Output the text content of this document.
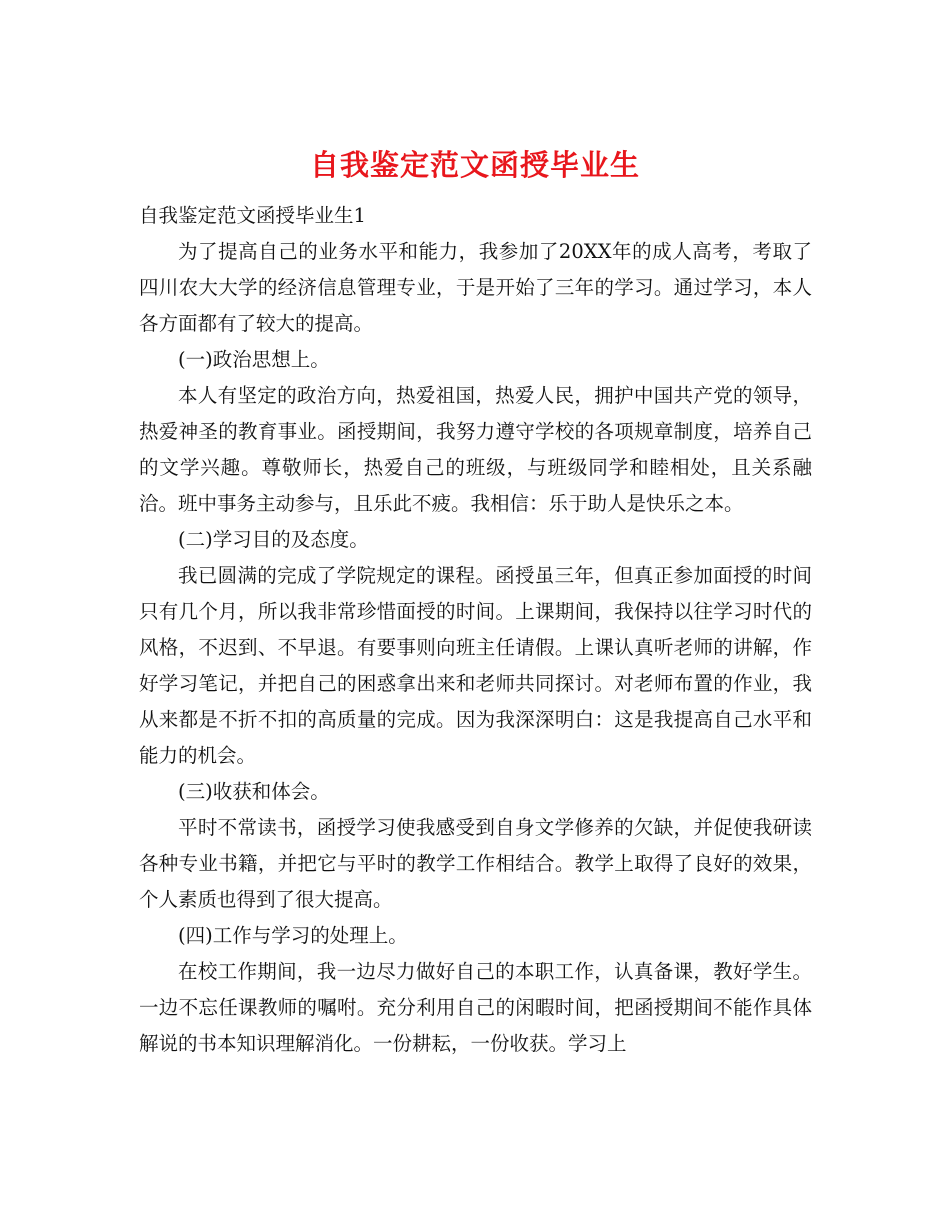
自我鉴定范文函授毕业生

自我鉴定范文函授毕业生1

为了提高自己的业务水平和能力，我参加了20XX年的成人高考，考取了四川农大大学的经济信息管理专业，于是开始了三年的学习。通过学习，本人各方面都有了较大的提高。

(一)政治思想上。

本人有坚定的政治方向，热爱祖国，热爱人民，拥护中国共产党的领导，热爱神圣的教育事业。函授期间，我努力遵守学校的各项规章制度，培养自己的文学兴趣。尊敬师长，热爱自己的班级，与班级同学和睦相处，且关系融洽。班中事务主动参与，且乐此不疲。我相信：乐于助人是快乐之本。

(二)学习目的及态度。

我已圆满的完成了学院规定的课程。函授虽三年，但真正参加面授的时间只有几个月，所以我非常珍惜面授的时间。上课期间，我保持以往学习时代的风格，不迟到、不早退。有要事则向班主任请假。上课认真听老师的讲解，作好学习笔记，并把自己的困惑拿出来和老师共同探讨。对老师布置的作业，我从来都是不折不扣的高质量的完成。因为我深深明白：这是我提高自己水平和能力的机会。

(三)收获和体会。

平时不常读书，函授学习使我感受到自身文学修养的欠缺，并促使我研读各种专业书籍，并把它与平时的教学工作相结合。教学上取得了良好的效果，个人素质也得到了很大提高。

(四)工作与学习的处理上。

在校工作期间，我一边尽力做好自己的本职工作，认真备课，教好学生。一边不忘任课教师的嘱咐。充分利用自己的闲暇时间，把函授期间不能作具体解说的书本知识理解消化。一份耕耘，一份收获。学习上
